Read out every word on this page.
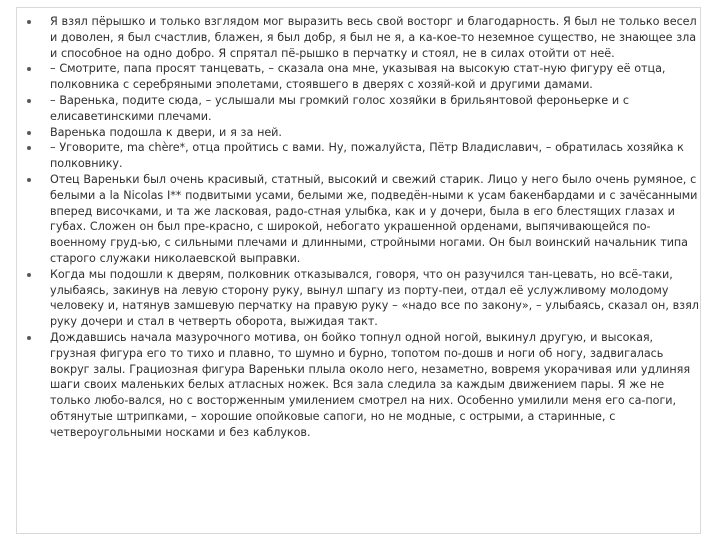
Я взял пёрышко и только взглядом мог выразить весь свой восторг и благодарность. Я был не только весел и доволен, я был счастлив, блажен, я был добр, я был не я, а ка-кое-то неземное существо, не знающее зла и способное на одно добро. Я спрятал пё-рышко в перчатку и стоял, не в силах отойти от неё.
– Смотрите, папа просят танцевать, – сказала она мне, указывая на высокую стат-ную фигуру её отца, полковника с серебряными эполетами, стоявшего в дверях с хозяй-кой и другими дамами.
– Варенька, подите сюда, – услышали мы громкий голос хозяйки в брильянтовой фероньерке и с елисаветинскими плечами.
Варенька подошла к двери, и я за ней.
– Уговорите, ma chère*, отца пройтись с вами. Ну, пожалуйста, Пётр Владиславич, – обратилась хозяйка к полковнику.
Отец Вареньки был очень красивый, статный, высокий и свежий старик. Лицо у него было очень румяное, с белыми a la Nicolas I** подвитыми усами, белыми же, подведён-ными к усам бакенбардами и с зачёсанными вперед височками, и та же ласковая, радо-стная улыбка, как и у дочери, была в его блестящих глазах и губах. Сложен он был пре-красно, с широкой, небогато украшенной орденами, выпячивающейся по-военному груд-ью, с сильными плечами и длинными, стройными ногами. Он был воинский начальник типа старого служаки николаевской выправки.
Когда мы подошли к дверям, полковник отказывался, говоря, что он разучился тан-цевать, но всё-таки, улыбаясь, закинув на левую сторону руку, вынул шпагу из порту-пеи, отдал её услужливому молодому человеку и, натянув замшевую перчатку на правую руку – «надо все по закону», – улыбаясь, сказал он, взял руку дочери и стал в четверть оборота, выжидая такт.
Дождавшись начала мазурочного мотива, он бойко топнул одной ногой, выкинул другую, и высокая, грузная фигура его то тихо и плавно, то шумно и бурно, топотом по-дошв и ноги об ногу, задвигалась вокруг залы. Грациозная фигура Вареньки плыла около него, незаметно, вовремя укорачивая или удлиняя шаги своих маленьких белых атласных ножек. Вся зала следила за каждым движением пары. Я же не только любо-вался, но с восторженным умилением смотрел на них. Особенно умилили меня его са-поги, обтянутые штрипками, – хорошие опойковые сапоги, но не модные, с острыми, а старинные, с четвероугольными носками и без каблуков.
